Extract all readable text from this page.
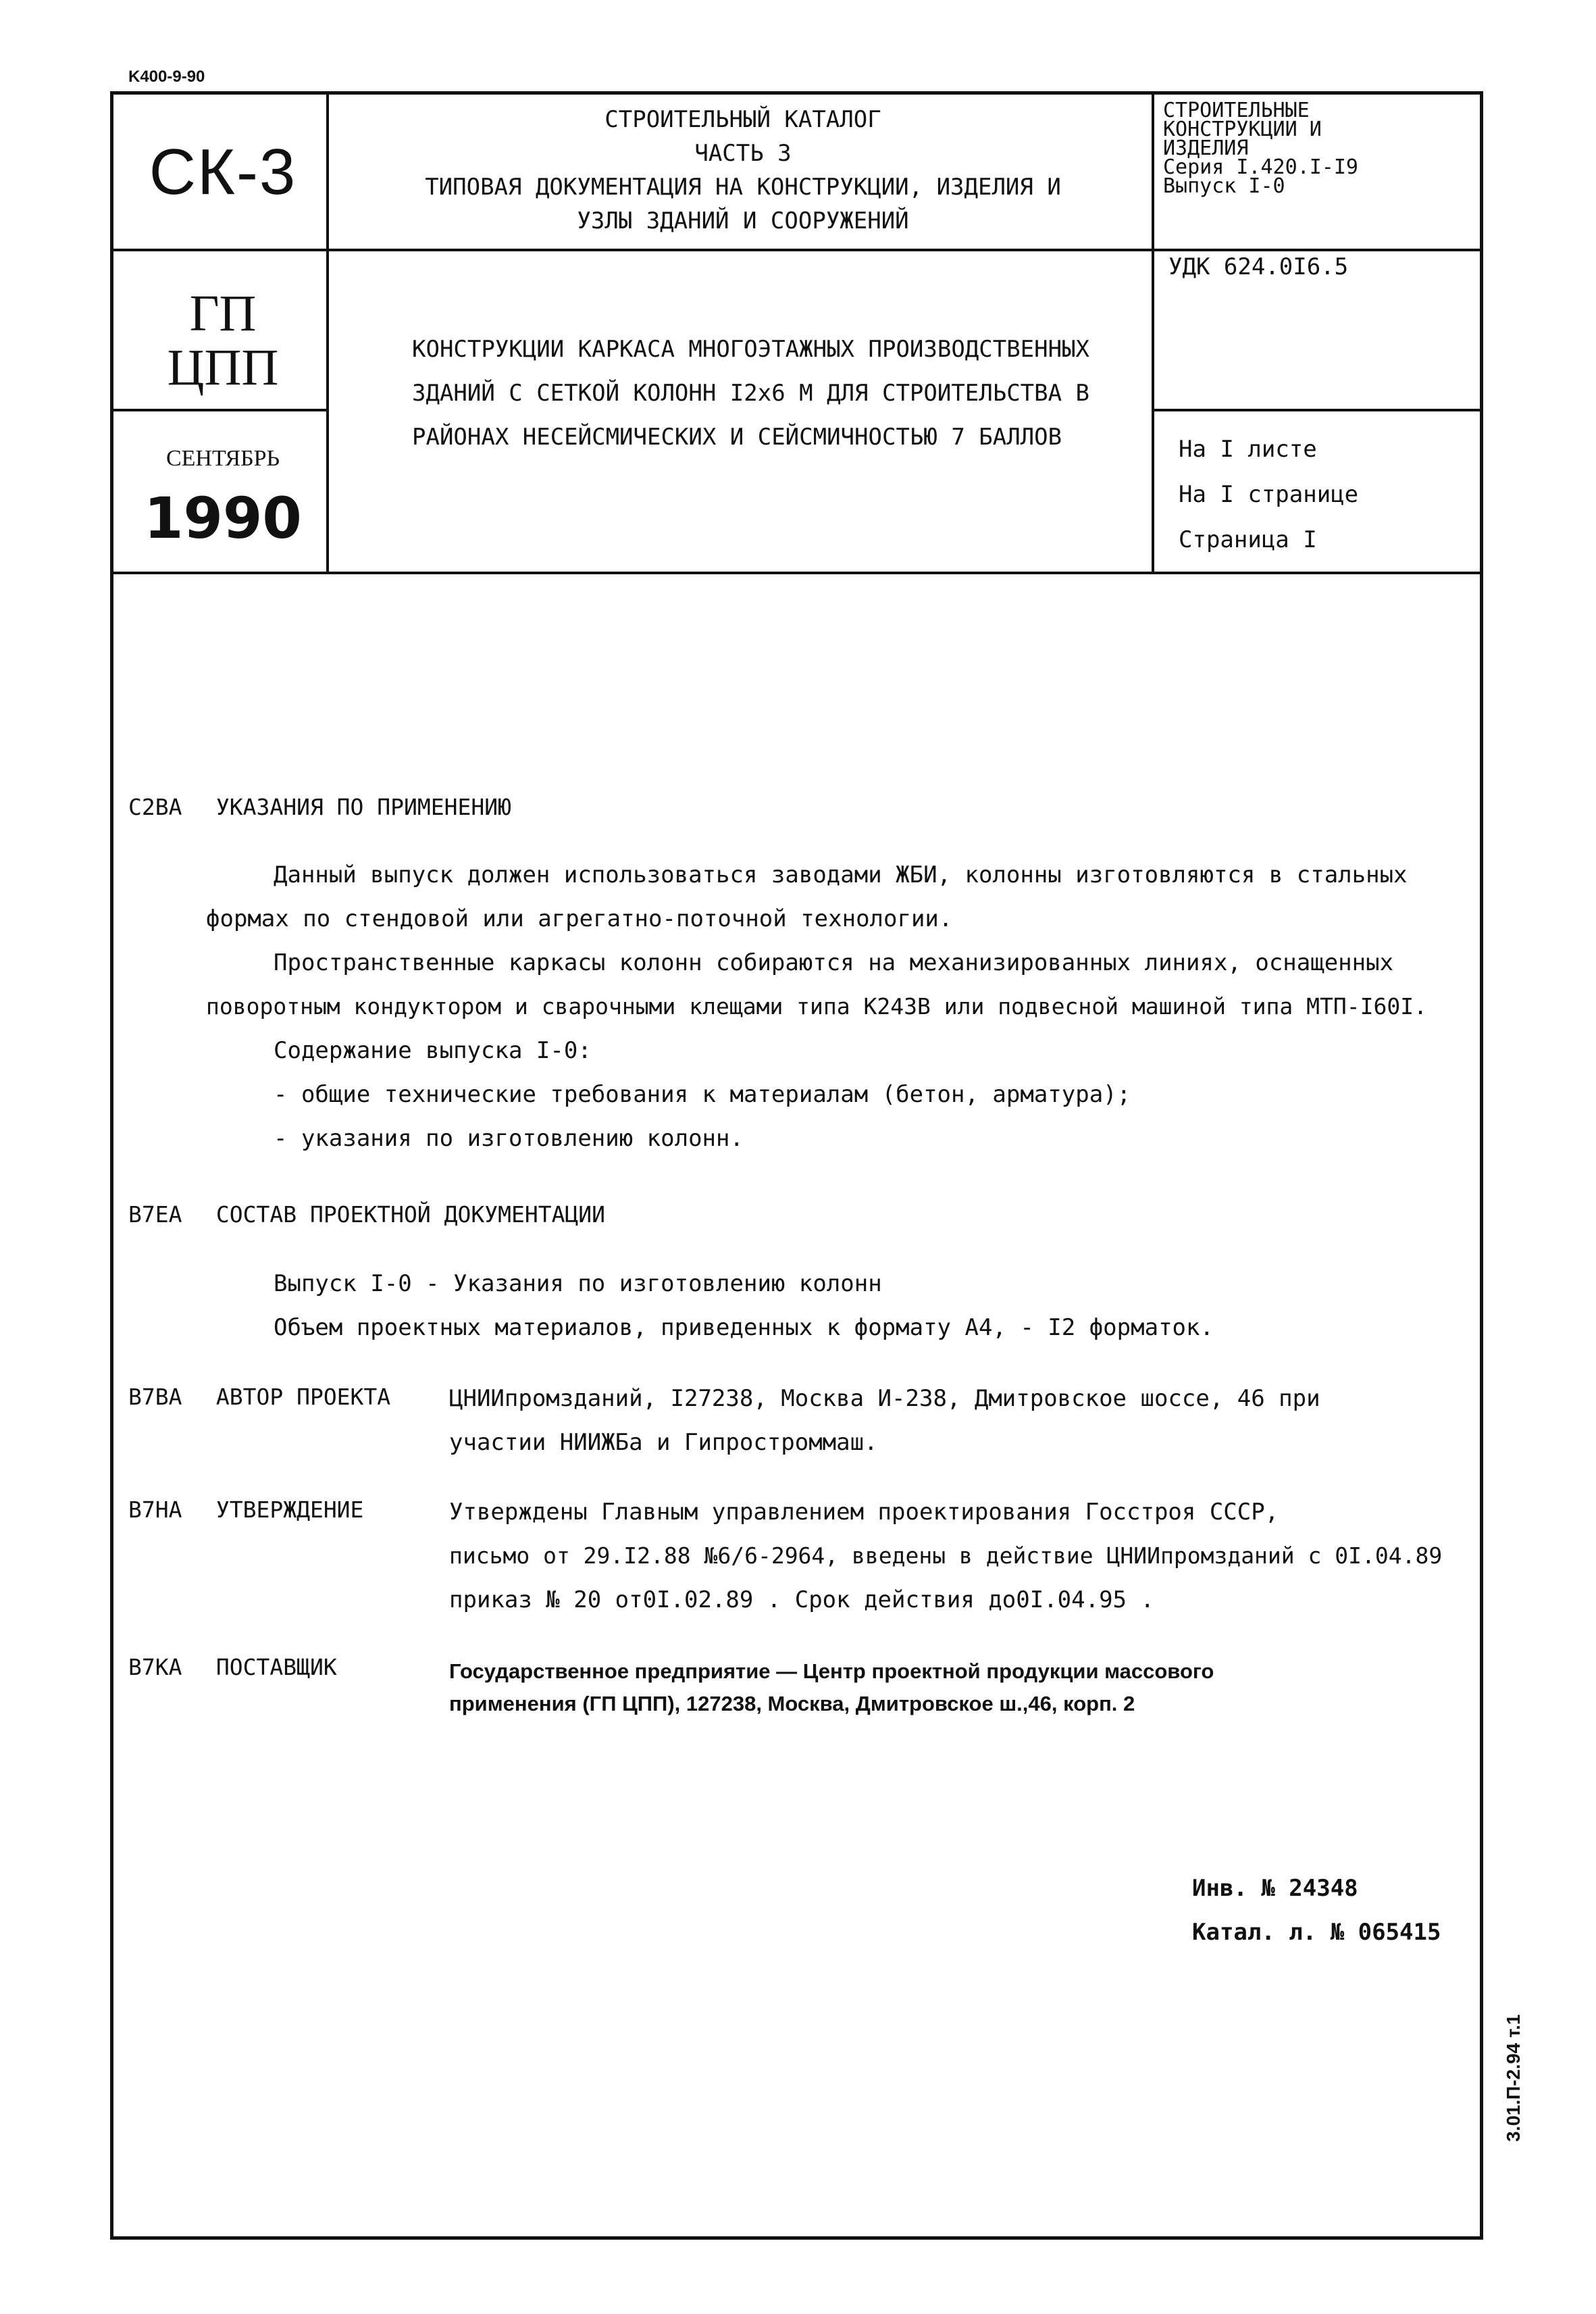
K400-9-90
СК-3
ГП
ЦПП
СЕНТЯБРЬ
1990
СТРОИТЕЛЬНЫЙ КАТАЛОГ
ЧАСТЬ 3
ТИПОВАЯ ДОКУМЕНТАЦИЯ НА КОНСТРУКЦИИ, ИЗДЕЛИЯ И
УЗЛЫ ЗДАНИЙ И СООРУЖЕНИЙ
СТРОИТЕЛЬНЫЕ
КОНСТРУКЦИИ И
ИЗДЕЛИЯ
Серия I.420.I-I9
Выпуск I-0
УДК 624.0I6.5
На I листе
На I странице
Страница I
КОНСТРУКЦИИ КАРКАСА МНОГОЭТАЖНЫХ ПРОИЗВОДСТВЕННЫХ
ЗДАНИЙ С СЕТКОЙ КОЛОНН I2x6 М ДЛЯ СТРОИТЕЛЬСТВА В
РАЙОНАХ НЕСЕЙСМИЧЕСКИХ И СЕЙСМИЧНОСТЬЮ 7 БАЛЛОВ
C2BA УКАЗАНИЯ ПО ПРИМЕНЕНИЮ
Данный выпуск должен использоваться заводами ЖБИ, колонны изготовляются в стальных
формах по стендовой или агрегатно-поточной технологии.
Пространственные каркасы колонн собираются на механизированных линиях, оснащенных
поворотным кондуктором и сварочными клещами типа К243В или подвесной машиной типа МТП-I60I.
Содержание выпуска I-0:
- общие технические требования к материалам (бетон, арматура);
- указания по изготовлению колонн.
B7EA СОСТАВ ПРОЕКТНОЙ ДОКУМЕНТАЦИИ
Выпуск I-0 - Указания по изготовлению колонн
Объем проектных материалов, приведенных к формату А4, - I2 форматок.
B7BA АВТОР ПРОЕКТА	ЦНИИпромзданий, I27238, Москва И-238, Дмитровское шоссе, 46 при
участии НИИЖБа и Гипростроммаш.
B7HA УТВЕРЖДЕНИЕ	Утверждены Главным управлением проектирования Госстроя СССР,
письмо от 29.I2.88 №6/6-2964, введены в действие ЦНИИпромзданий с 0I.04.89
приказ № 20 от0I.02.89 . Срок действия до0I.04.95 .
B7KA ПОСТАВЩИК	Государственное предприятие — Центр проектной продукции массового
применения (ГП ЦПП), 127238, Москва, Дмитровское ш.,46, корп. 2
Инв. № 24348
Катал. л. № 065415
3.01.П-2.94 т.1
